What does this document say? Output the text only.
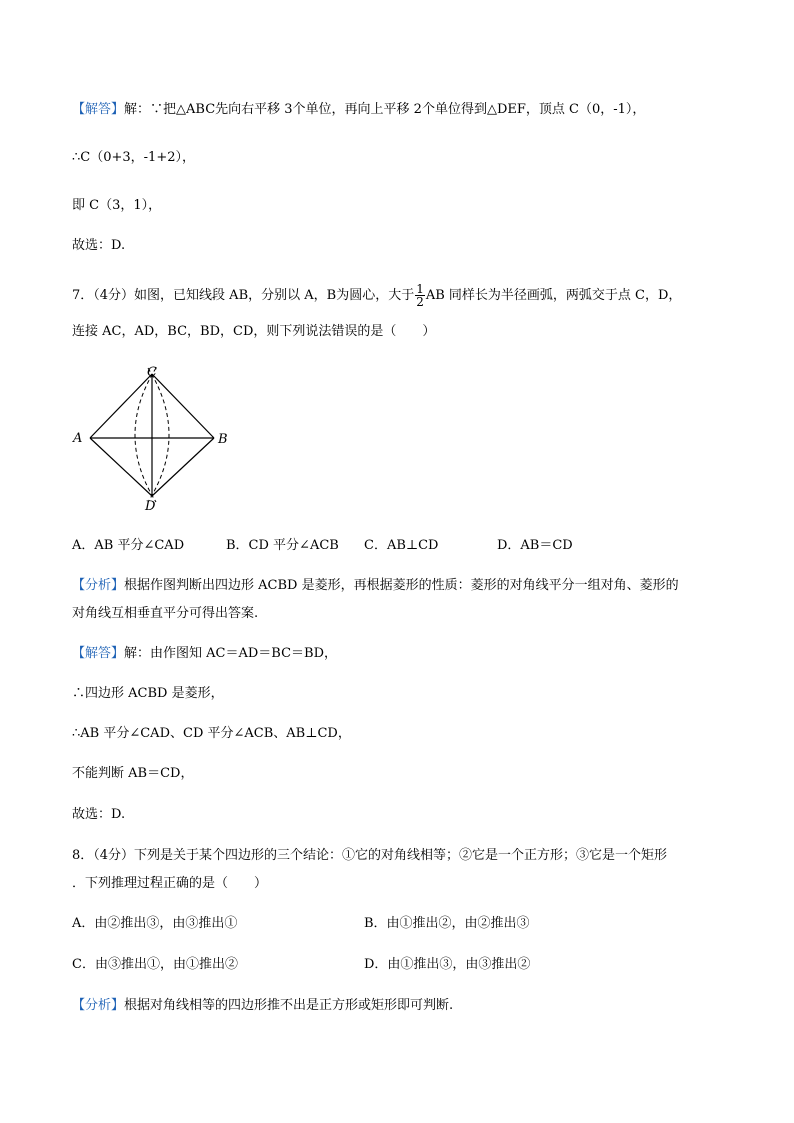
【解答】解：∵把△ABC先向右平移 3个单位，再向上平移 2个单位得到△DEF，顶点 C（0，-1），
∴C（0+3，-1+2），
即 C（3，1），
故选：D.
7．（4分）如图，已知线段 AB，分别以 A，B为圆心，大于 $\frac{1}{2}$ AB 同样长为半径画弧，两弧交于点 C，D，
连接 AC，AD，BC，BD，CD，则下列说法错误的是（　　）
A	B
C
D
A．AB 平分∠CAD	B．CD 平分∠ACB C．AB⊥CD	D．AB＝CD
【分析】根据作图判断出四边形 ACBD 是菱形，再根据菱形的性质：菱形的对角线平分一组对角、菱形的
对角线互相垂直平分可得出答案.
【解答】解：由作图知 AC＝AD＝BC＝BD，
∴四边形 ACBD 是菱形，
∴AB 平分∠CAD、CD 平分∠ACB、AB⊥CD，
不能判断 AB＝CD，
故选：D.
8．（4分）下列是关于某个四边形的三个结论：①它的对角线相等；②它是一个正方形；③它是一个矩形
．下列推理过程正确的是（　　）
A．由②推出③，由③推出①	B．由①推出②，由②推出③
C．由③推出①，由①推出②	D．由①推出③，由③推出②
【分析】根据对角线相等的四边形推不出是正方形或矩形即可判断.
